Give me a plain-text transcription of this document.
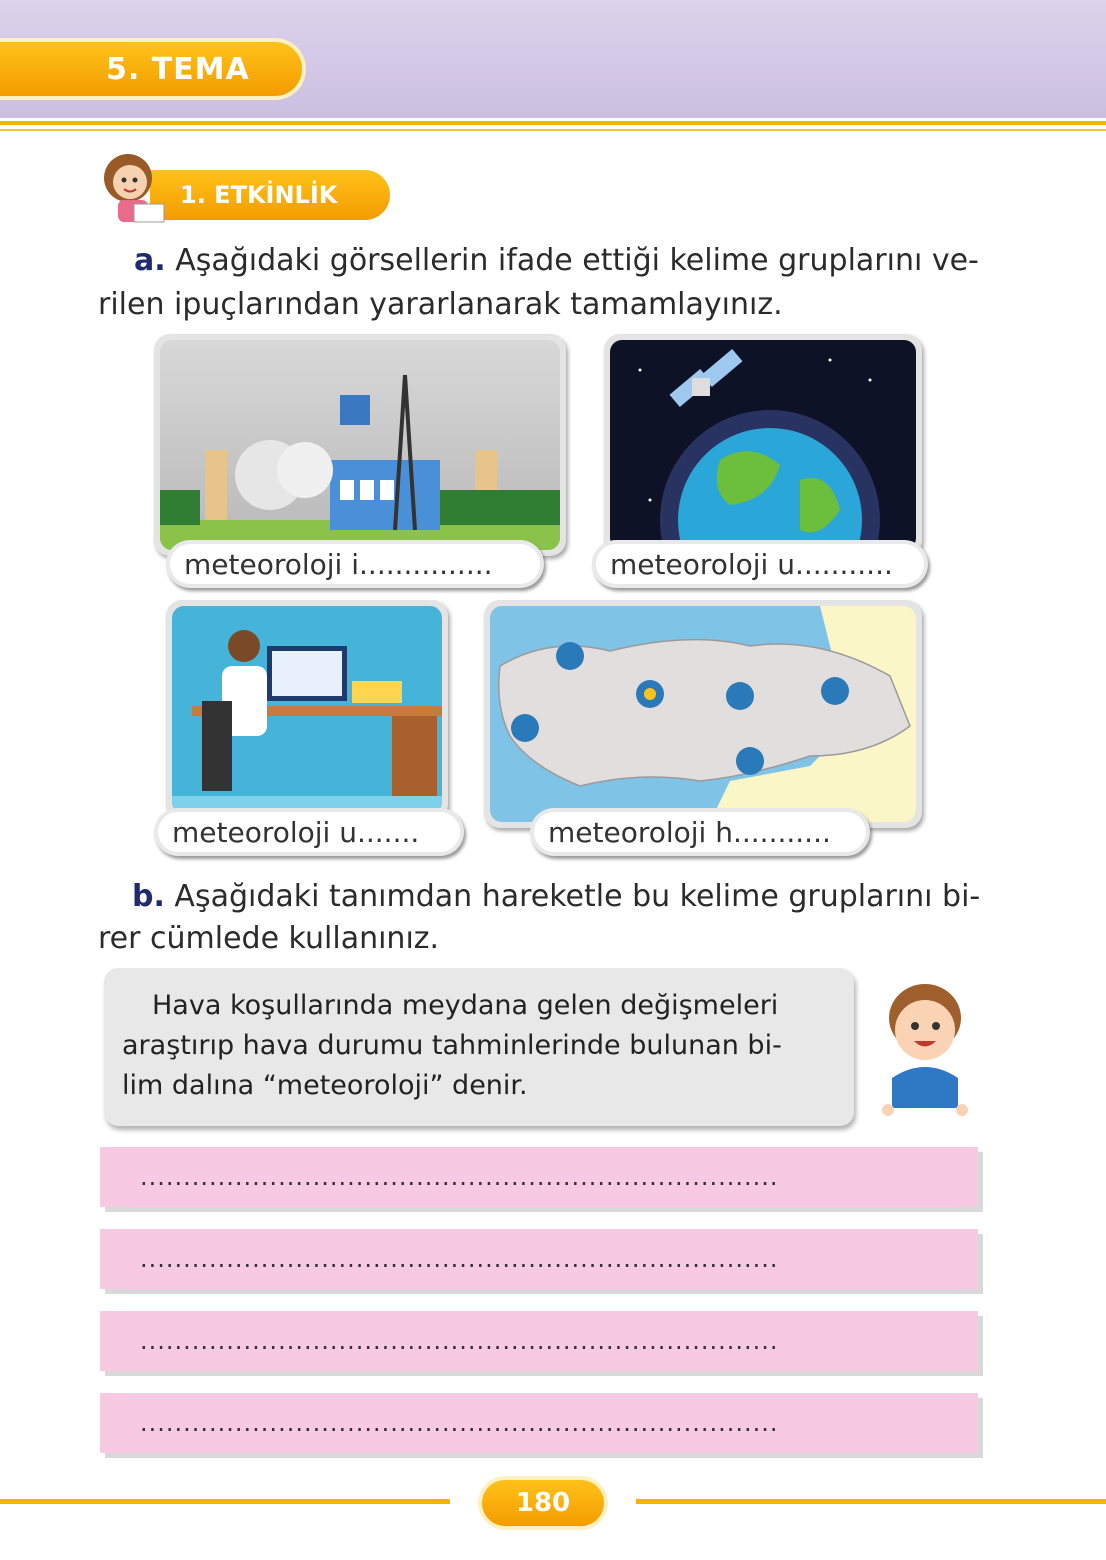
5. TEMA
1. ETKİNLİK
a. Aşağıdaki görsellerin ifade ettiği kelime gruplarını ve-
rilen ipuçlarından yararlanarak tamamlayınız.
meteoroloji i...............	meteoroloji u...........
meteoroloji u.......	meteoroloji h...........
b. Aşağıdaki tanımdan hareketle bu kelime gruplarını bi-
rer cümlede kullanınız.
Hava koşullarında meydana gelen değişmeleri
araştırıp hava durumu tahminlerinde bulunan bi-
lim dalına “meteoroloji” denir.
..........................................................................
..........................................................................
..........................................................................
..........................................................................
180
